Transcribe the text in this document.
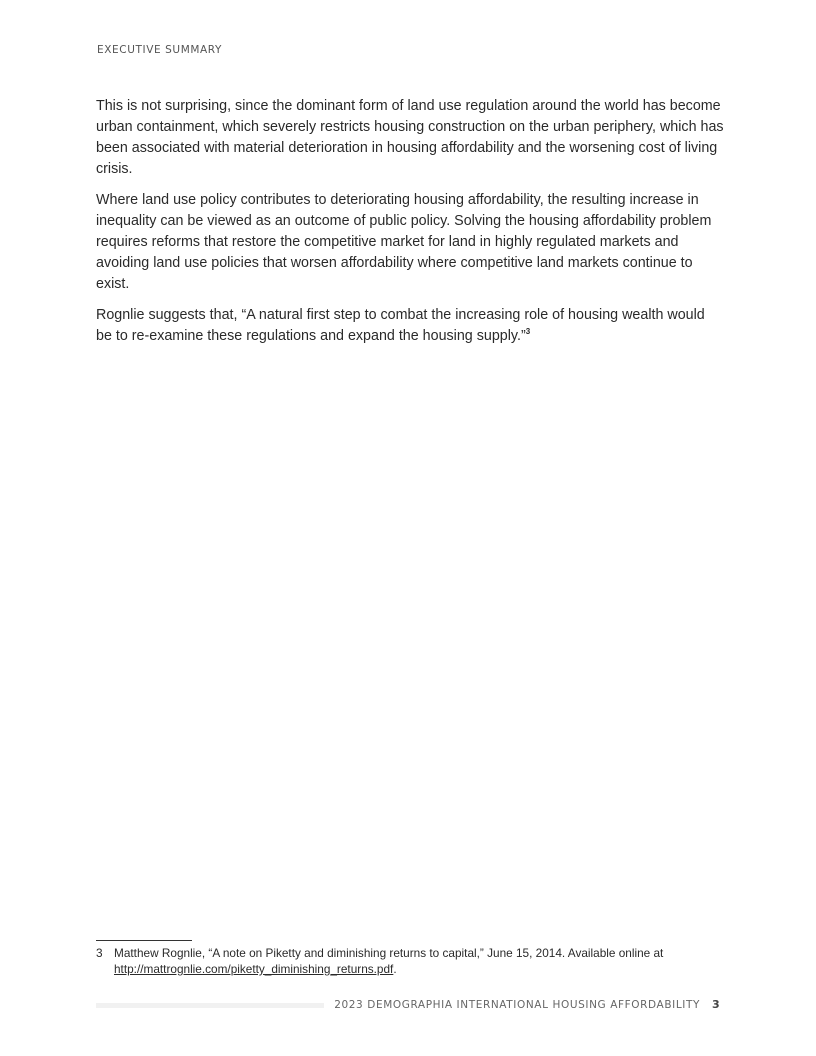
EXECUTIVE SUMMARY

This is not surprising, since the dominant form of land use regulation around the world has become urban containment, which severely restricts housing construction on the urban periphery, which has been associated with material deterioration in housing affordability and the worsening cost of living crisis.

Where land use policy contributes to deteriorating housing affordability, the resulting increase in inequality can be viewed as an outcome of public policy. Solving the housing affordability problem requires reforms that restore the competitive market for land in highly regulated markets and avoiding land use policies that worsen affordability where competitive land markets continue to exist.

Rognlie suggests that, “A natural first step to combat the increasing role of housing wealth would be to re-examine these regulations and expand the housing supply.”$^3$

3 Matthew Rognlie, “A note on Piketty and diminishing returns to capital,” June 15, 2014. Available online at http://mattrognlie.com/piketty_diminishing_returns.pdf.
2023 DEMOGRAPHIA INTERNATIONAL HOUSING AFFORDABILITY 3
